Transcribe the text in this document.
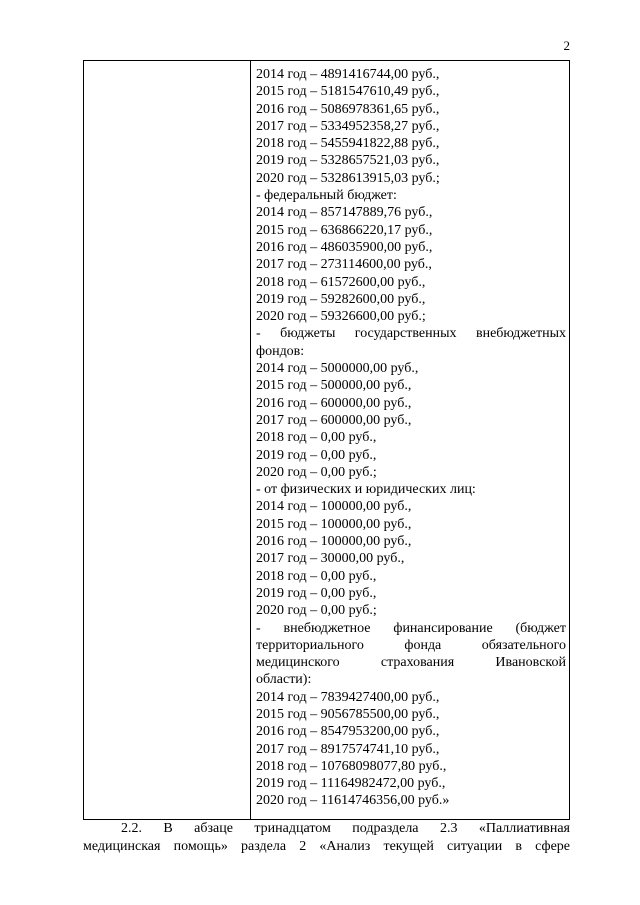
2
2014 год – 4891416744,00 руб.,
2015 год – 5181547610,49 руб.,
2016 год – 5086978361,65 руб.,
2017 год – 5334952358,27 руб.,
2018 год – 5455941822,88 руб.,
2019 год – 5328657521,03 руб.,
2020 год – 5328613915,03 руб.;
- федеральный бюджет:
2014 год – 857147889,76 руб.,
2015 год – 636866220,17 руб.,
2016 год – 486035900,00 руб.,
2017 год – 273114600,00 руб.,
2018 год – 61572600,00 руб.,
2019 год – 59282600,00 руб.,
2020 год – 59326600,00 руб.;
- бюджеты государственных внебюджетных
фондов:
2014 год – 5000000,00 руб.,
2015 год – 500000,00 руб.,
2016 год – 600000,00 руб.,
2017 год – 600000,00 руб.,
2018 год – 0,00 руб.,
2019 год – 0,00 руб.,
2020 год – 0,00 руб.;
- от физических и юридических лиц:
2014 год – 100000,00 руб.,
2015 год – 100000,00 руб.,
2016 год – 100000,00 руб.,
2017 год – 30000,00 руб.,
2018 год – 0,00 руб.,
2019 год – 0,00 руб.,
2020 год – 0,00 руб.;
- внебюджетное финансирование (бюджет
территориального фонда обязательного
медицинского страхования Ивановской
области):
2014 год – 7839427400,00 руб.,
2015 год – 9056785500,00 руб.,
2016 год – 8547953200,00 руб.,
2017 год – 8917574741,10 руб.,
2018 год – 10768098077,80 руб.,
2019 год – 11164982472,00 руб.,
2020 год – 11614746356,00 руб.»
2.2. В абзаце тринадцатом подраздела 2.3 «Паллиативная
медицинская помощь» раздела 2 «Анализ текущей ситуации в сфере
